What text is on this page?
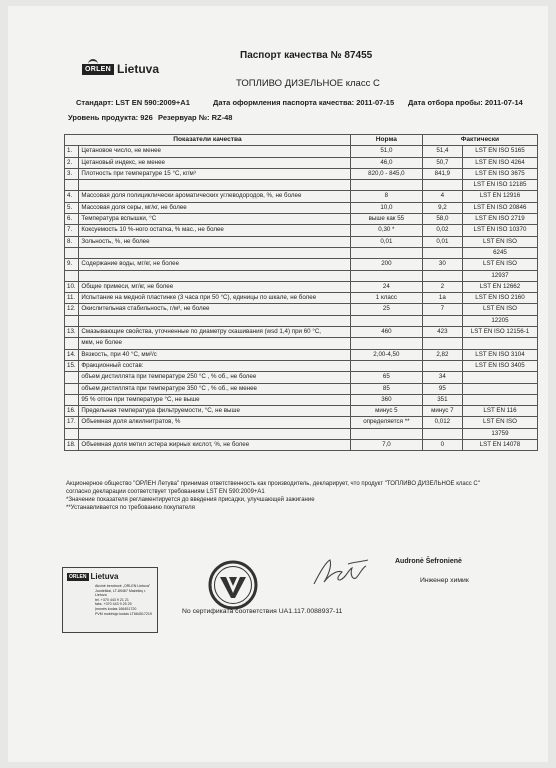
ORLEN Lietuva
Паспорт качества № 87455
ТОПЛИВО ДИЗЕЛЬНОЕ класс С
Стандарт: LST EN 590:2009+A1	Дата оформления паспорта качества: 2011-07-15 Дата отбора пробы: 2011-07-14
Уровень продукта: 926 Резервуар №: RZ-48
Показатели качества		Норма	Фактически	
1.	Цетановое число, не менее	51,0	51,4	LST EN ISO 5165
2.	Цетановый индекс, не менее	46,0	50,7	LST EN ISO 4264
3.	Плотность при температуре 15 °С, кг/м³	820,0 - 845,0	841,9	LST EN ISO 3675
				LST EN ISO 12185
4.	Массовая доля полициклически ароматических углеводородов, %, не более	8	4	LST EN 12916
5.	Массовая доля серы, мг/кг, не более	10,0	9,2	LST EN ISO 20846
6.	Температура вспышки, °С	выше как 55	58,0	LST EN ISO 2719
7.	Коксуемость 10 %-ного остатка, % мас., не более	0,30 *	0,02	LST EN ISO 10370
8.	Зольность, %, не более	0,01	0,01	LST EN ISO
				6245
9.	Содержание воды, мг/кг, не более	200	30	LST EN ISO
				12937
10.	Общие примеси, мг/кг, не более	24	2	LST EN 12662
11.	Испытание на медной пластинке (3 часа при 50 °С), единицы по шкале, не более	1 класс	1а	LST EN ISO 2160
12.	Окислительная стабильность, г/м³, не более	25	7	LST EN ISO
				12205
13.	Смазывающие свойства, уточненные по диаметру скашивания (wsd 1,4) при 60 °С,	460	423	LST EN ISO 12156-1
	мкм, не более			
14.	Вязкость, при 40 °С, мм²/с	2,00-4,50	2,82	LST EN ISO 3104
15.	Фракционный состав:			LST EN ISO 3405
	объем дистиллята при температуре 250 °С , % об., не более	65	34	
	объем дистиллята при температуре 350 °С , % об., не менее	85	95	
	95 % отгон при температуре °С, не выше	360	351	
16.	Предельная температура фильтруемости, °С, не выше	минус 5	минус 7	LST EN 116
17.	Объемная доля алкилнитратов, %	определяется **	0,012	LST EN ISO
				13759
18.	Объемная доля метил эстера жирных кислот, %, не более	7,0	0	LST EN 14078
Акционерное общество "ОРЛЕН Летува" принимая ответственность как производитель, декларирует, что продукт "ТОПЛИВО ДИЗЕЛЬНОЕ класс С"
согласно декларации соответствует требованиям LST EN 590:2009+A1
*Значение показателя регламентируется до введения присадки, улучшающей зажигание
**Устанавливается по требованию покупателя
ORLEN Lietuva
Akcinė bendrovė „ORLEN Lietuva"
Juodeikiai, LT-89467 Mažeikių r.
Lietuva
tel. +370 443 9 21 21
faks. +370 443 9 25 25
Įmonės kodas 166451720
PVM mokėtojo kodas LT664517219	No сертификата соответствия UA1.117.0088937-11
Audronė Šefronienė
Инженер химик
